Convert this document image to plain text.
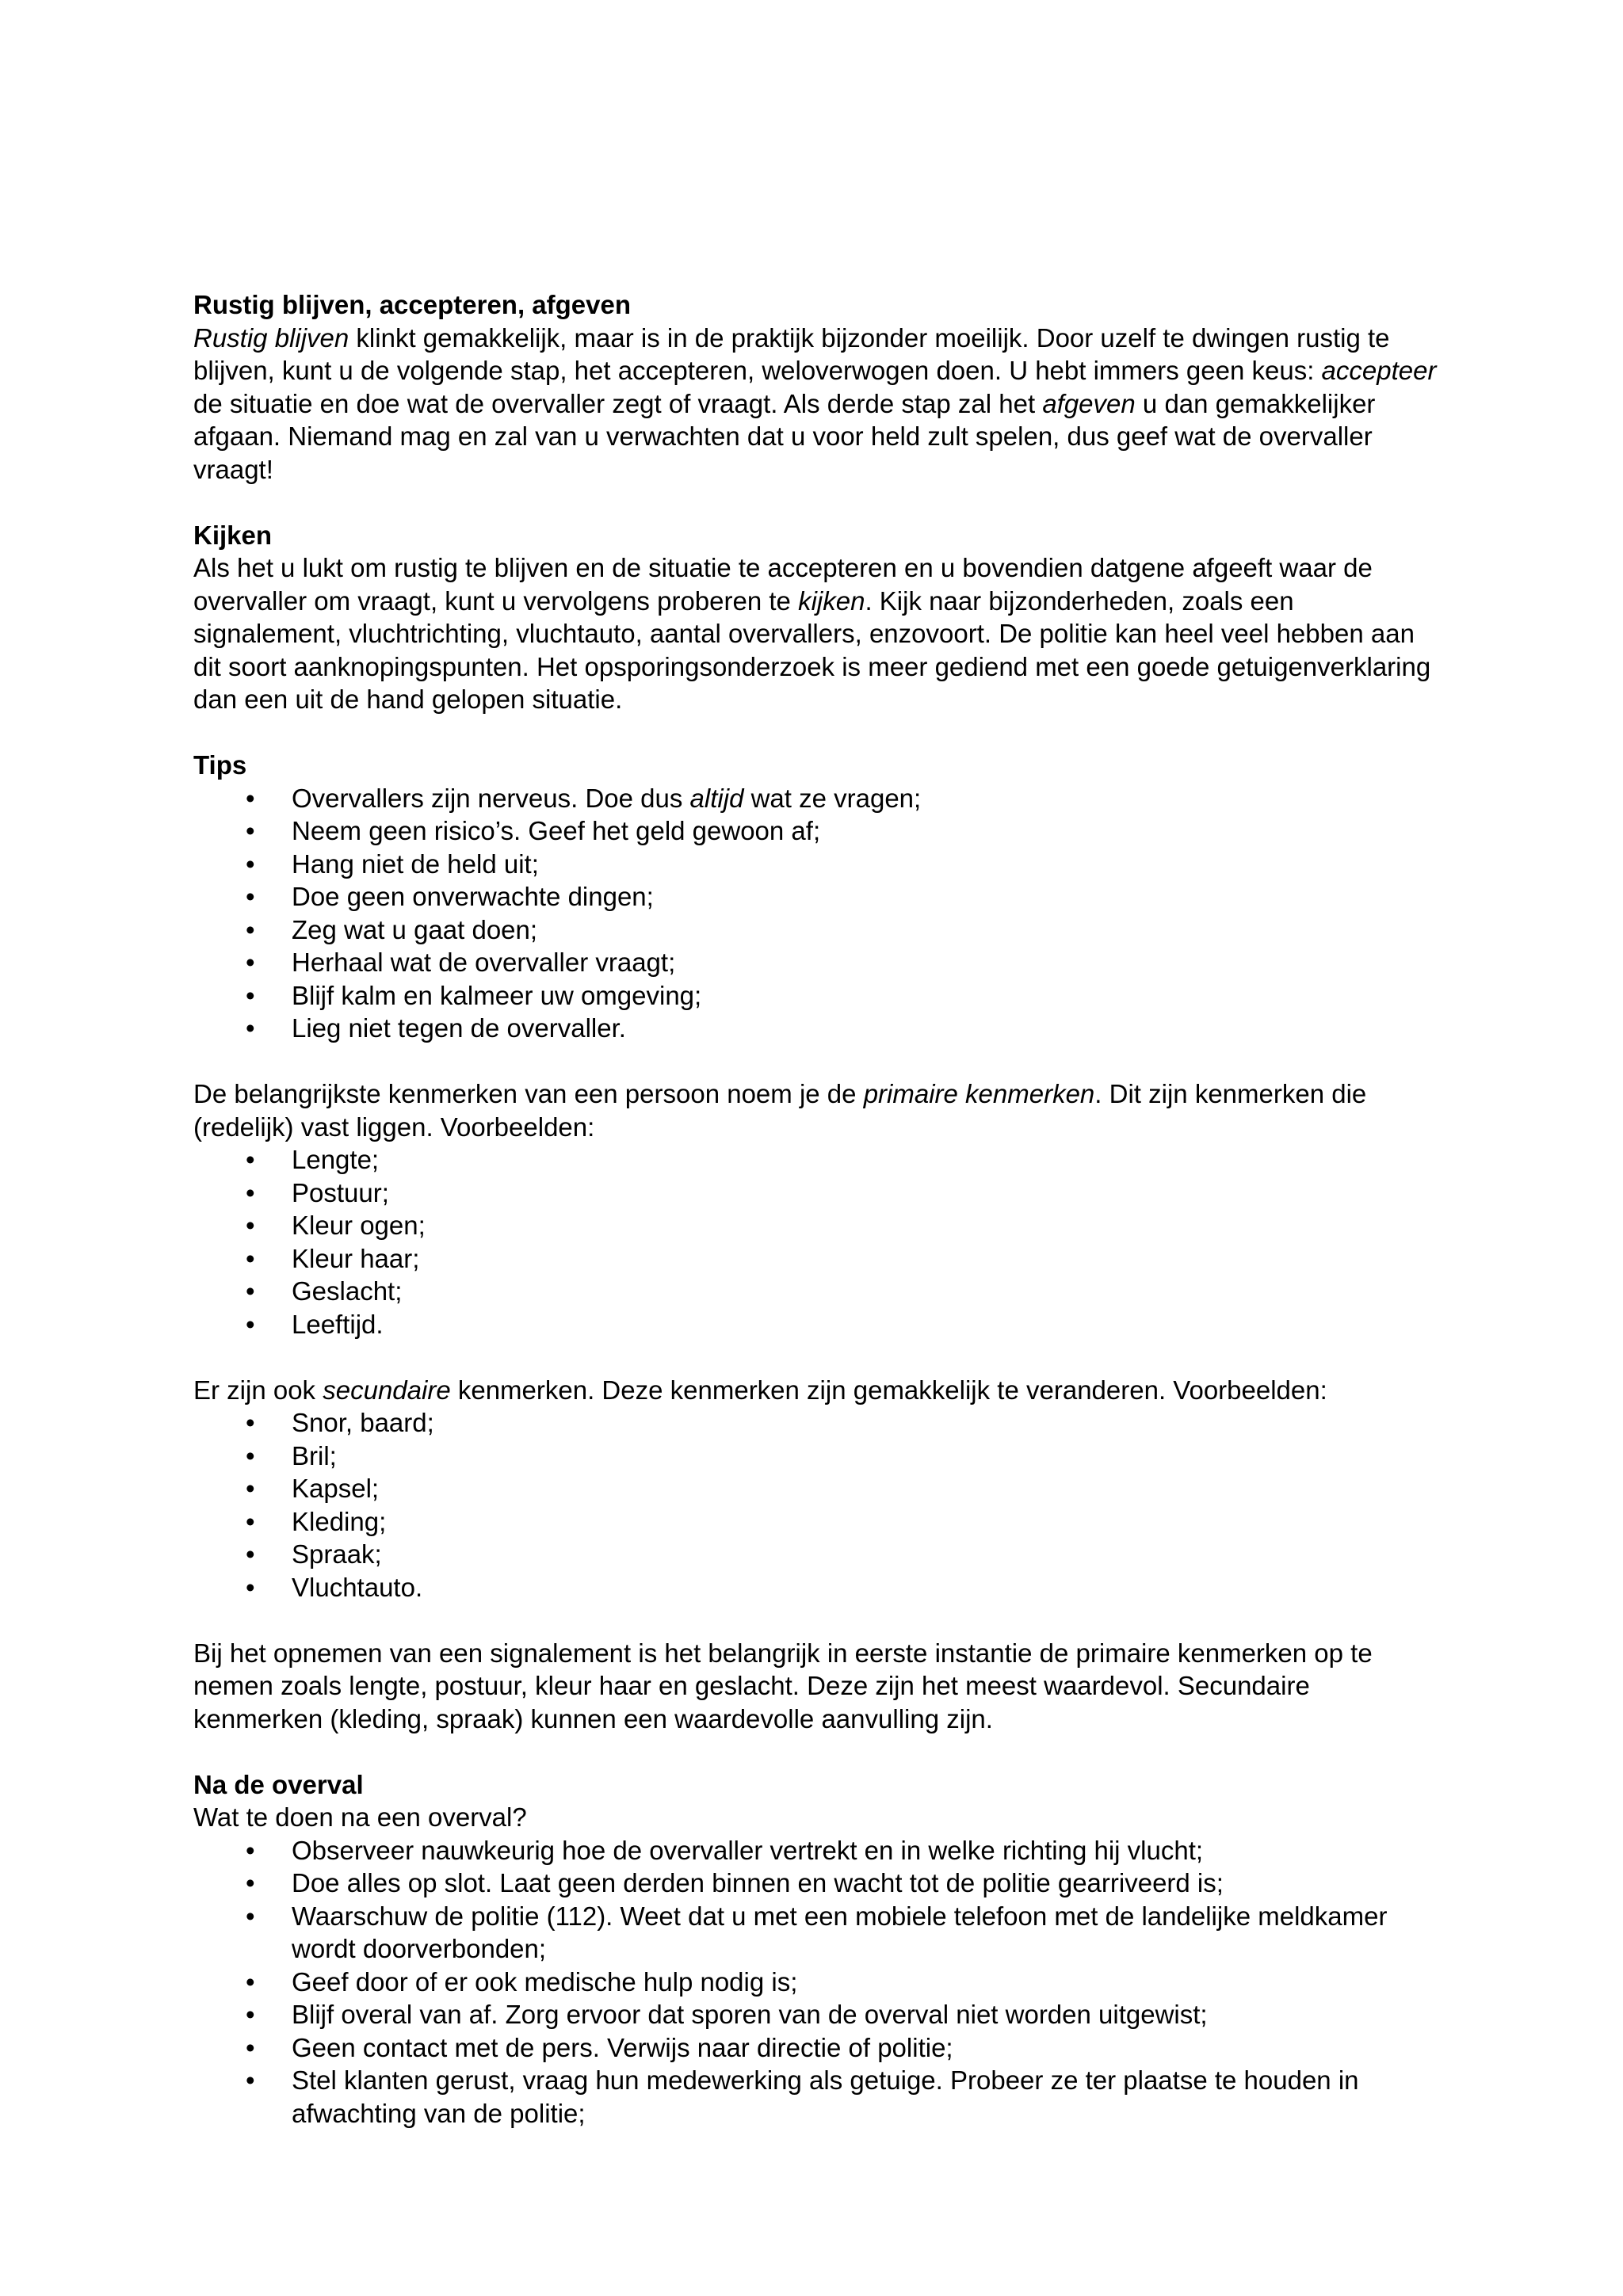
Rustig blijven, accepteren, afgeven

Rustig blijven klinkt gemakkelijk, maar is in de praktijk bijzonder moeilijk. Door uzelf te dwingen rustig te blijven, kunt u de volgende stap, het accepteren, weloverwogen doen. U hebt immers geen keus: accepteer de situatie en doe wat de overvaller zegt of vraagt. Als derde stap zal het afgeven u dan gemakkelijker afgaan. Niemand mag en zal van u verwachten dat u voor held zult spelen, dus geef wat de overvaller vraagt!

Kijken

Als het u lukt om rustig te blijven en de situatie te accepteren en u bovendien datgene afgeeft waar de overvaller om vraagt, kunt u vervolgens proberen te kijken. Kijk naar bijzonderheden, zoals een signalement, vluchtrichting, vluchtauto, aantal overvallers, enzovoort. De politie kan heel veel hebben aan dit soort aanknopingspunten. Het opsporingsonderzoek is meer gediend met een goede getuigenverklaring dan een uit de hand gelopen situatie.

Tips

• Overvallers zijn nerveus. Doe dus altijd wat ze vragen;
• Neem geen risico’s. Geef het geld gewoon af;
• Hang niet de held uit;
• Doe geen onverwachte dingen;
• Zeg wat u gaat doen;
• Herhaal wat de overvaller vraagt;
• Blijf kalm en kalmeer uw omgeving;
• Lieg niet tegen de overvaller.

De belangrijkste kenmerken van een persoon noem je de primaire kenmerken. Dit zijn kenmerken die (redelijk) vast liggen. Voorbeelden:

• Lengte;
• Postuur;
• Kleur ogen;
• Kleur haar;
• Geslacht;
• Leeftijd.

Er zijn ook secundaire kenmerken. Deze kenmerken zijn gemakkelijk te veranderen. Voorbeelden:

• Snor, baard;
• Bril;
• Kapsel;
• Kleding;
• Spraak;
• Vluchtauto.

Bij het opnemen van een signalement is het belangrijk in eerste instantie de primaire kenmerken op te nemen zoals lengte, postuur, kleur haar en geslacht. Deze zijn het meest waardevol. Secundaire kenmerken (kleding, spraak) kunnen een waardevolle aanvulling zijn.

Na de overval

Wat te doen na een overval?

• Observeer nauwkeurig hoe de overvaller vertrekt en in welke richting hij vlucht;
• Doe alles op slot. Laat geen derden binnen en wacht tot de politie gearriveerd is;
• Waarschuw de politie (112). Weet dat u met een mobiele telefoon met de landelijke meldkamer wordt doorverbonden;
• Geef door of er ook medische hulp nodig is;
• Blijf overal van af. Zorg ervoor dat sporen van de overval niet worden uitgewist;
• Geen contact met de pers. Verwijs naar directie of politie;
• Stel klanten gerust, vraag hun medewerking als getuige. Probeer ze ter plaatse te houden in afwachting van de politie;
